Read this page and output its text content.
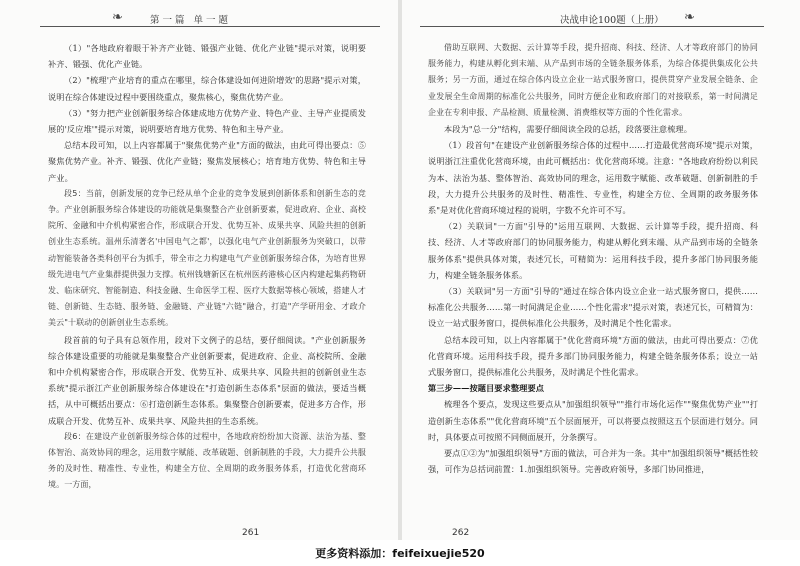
❧	第一篇 单一题

（1）"各地政府着眼于补齐产业链、锻强产业链、优化产业链"提示对策，说明要补齐、锻强、优化产业链。

（2）"梳理'产业培育的重点在哪里，综合体建设如何进阶增效'的思路"提示对策，说明在综合体建设过程中要围绕重点，聚焦核心，聚焦优势产业。

（3）"努力把产业创新服务综合体建成地方优势产业、特色产业、主导产业提质发展的'反应堆'"提示对策，说明要培育地方优势、特色和主导产业。

总结本段可知，以上内容都属于"聚焦优势产业"方面的做法，由此可得出要点：⑤聚焦优势产业。补齐、锻强、优化产业链；聚焦发展核心；培育地方优势、特色和主导产业。

段5：当前，创新发展的竞争已经从单个企业的竞争发展到创新体系和创新生态的竞争。产业创新服务综合体建设的功能就是集聚整合产业创新要素，促进政府、企业、高校院所、金融和中介机构紧密合作，形成联合开发、优势互补、成果共享、风险共担的创新创业生态系统。温州乐清著名'中国电气之都'，以强化电气产业创新服务为突破口，以带动智能装备各类科创平台为抓手，带全市之力构建电气产业创新服务综合体，为培育世界级先进电气产业集群提供强力支撑。杭州钱塘新区在杭州医药港核心区内构建起集药物研发、临床研究、智能制造、科技金融、生命医学工程、医疗大数据等核心领域，搭建人才链、创新链、生态链、服务链、金融链、产业链"六链"融合，打造"产学研用金、才政介美云"十联动的创新创业生态系统。

段首前的句子具有总领作用，段对下文例子的总结，要仔细阅读。"产业创新服务综合体建设重要的功能就是集聚整合产业创新要素，促进政府、企业、高校院所、金融和中介机构紧密合作，形成联合开发、优势互补、成果共享、风险共担的创新创业生态系统"提示浙江产业创新服务综合体建设在"打造创新生态体系"层面的做法，要适当概括，从中可概括出要点：⑥打造创新生态体系。集聚整合创新要素，促进多方合作，形成联合开发、优势互补、成果共享、风险共担的生态系统。

段6：在建设产业创新服务综合体的过程中，各地政府纷纷加大资源、法治为基、整体智治、高效协同的理念，运用数字赋能、改革破题、创新制胜的手段，大力提升公共服务的及时性、精准性、专业性，构建全方位、全周期的政务服务体系，打造优化营商环境。一方面，

261
决战申论100题（上册） ❧

借助互联网、大数据、云计算等手段，提升招商、科技、经济、人才等政府部门的协同服务能力，构建从孵化到末端、从产品到市场的全链条服务体系，为综合体提供集成化公共服务；另一方面，通过在综合体内设立企业一站式服务窗口，提供贯穿产业发展全链条、企业发展全生命周期的标准化公共服务，同时方便企业和政府部门的对接联系，第一时间满足企业在专利申报、产品检测、质量检测、消费维权等方面的个性化需求。

本段为"总一分"结构，需要仔细阅读全段的总括，段落要注意梳理。

（1）段首句"在建设产业创新服务综合体的过程中……打造最优营商环境"提示对策，说明浙江注重优化营商环境，由此可概括出：优化营商环境。注意："各地政府纷纷以利民为本、法治为基、整体智治、高效协同的理念，运用数字赋能、改革破题、创新制胜的手段，大力提升公共服务的及时性、精准性、专业性，构建全方位、全周期的政务服务体系"是对优化营商环境过程的说明，字数不允许可不写。

（2）关联词"一方面"引导的"运用互联网、大数据、云计算等手段，提升招商、科技、经济、人才等政府部门的协同服务能力，构建从孵化到末端、从产品到市场的全链条服务体系"提供具体对策，表述冗长，可精简为：运用科技手段，提升多部门协同服务能力，构建全链条服务体系。

（3）关联词"另一方面"引导的"通过在综合体内设立企业一站式服务窗口，提供……标准化公共服务……第一时间满足企业……个性化需求"提示对策，表述冗长，可精简为：设立一站式服务窗口，提供标准化公共服务，及时满足个性化需求。

总结本段可知，以上内容都属于"优化营商环境"方面的做法，由此可得出要点：⑦优化营商环境。运用科技手段，提升多部门协同服务能力，构建全链条服务体系；设立一站式服务窗口，提供标准化公共服务，及时满足个性化需求。

第三步——按题目要求整理要点

梳理各个要点，发现这些要点从"加强组织领导""推行市场化运作""聚焦优势产业""打造创新生态体系""优化营商环境"五个层面展开，可以将要点按照这五个层面进行划分。同时，具体要点可按照不同侧面展开，分条撰写。

要点①②为"加强组织领导"方面的做法，可合并为一条。其中"加强组织领导"概括性较强，可作为总括词前置：1.加强组织领导。完善政府领导，多部门协同推进，

262
更多资料添加：feifeixuejie520
